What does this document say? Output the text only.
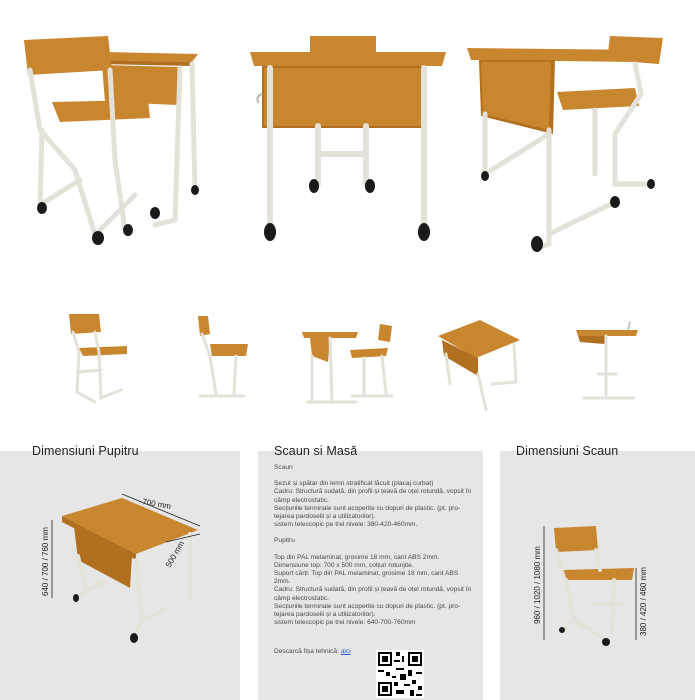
Dimensiuni Pupitru	Scaun si Masă	Dimensiuni Scaun
700 mm
500 mm
640 / 700 / 760 mm

Scaun

Șezut și spătar din lemn stratificat lăcuit (placaj curbat)

Cadru: Structură sudată, din profil și țeavă de oțel rotundă, vopsit în câmp electrostatic.

Secțiunile terminale sunt acoperite cu dopuri de plastic. (pt. pro-tejarea pardoselii și a utilizatorilor).

sistem telescopic pe trei nivele: 380-420-460mm.

Pupitru

Top din PAL melaminat, grosime 18 mm, cant ABS 2mm.

Dimensiune top: 700 x 500 mm, colțuri rotunjite.

Suport cărți: Top din PAL melaminat, grosime 18 mm, cant ABS 2mm.

Cadru: Structură sudată, din profil și țeavă de oțel rotundă, vopsit în câmp electrostatic.

Secțiunile terminale sunt acoperite cu dopuri de plastic. (pt. pro-tejarea pardoselii și a utilizatorilor).

sistem telescopic pe trei nivele: 640-700-760mm

Descarcă fișa tehnică: aici
960 / 1020 / 1080 mm	380 / 420 / 460 mm
